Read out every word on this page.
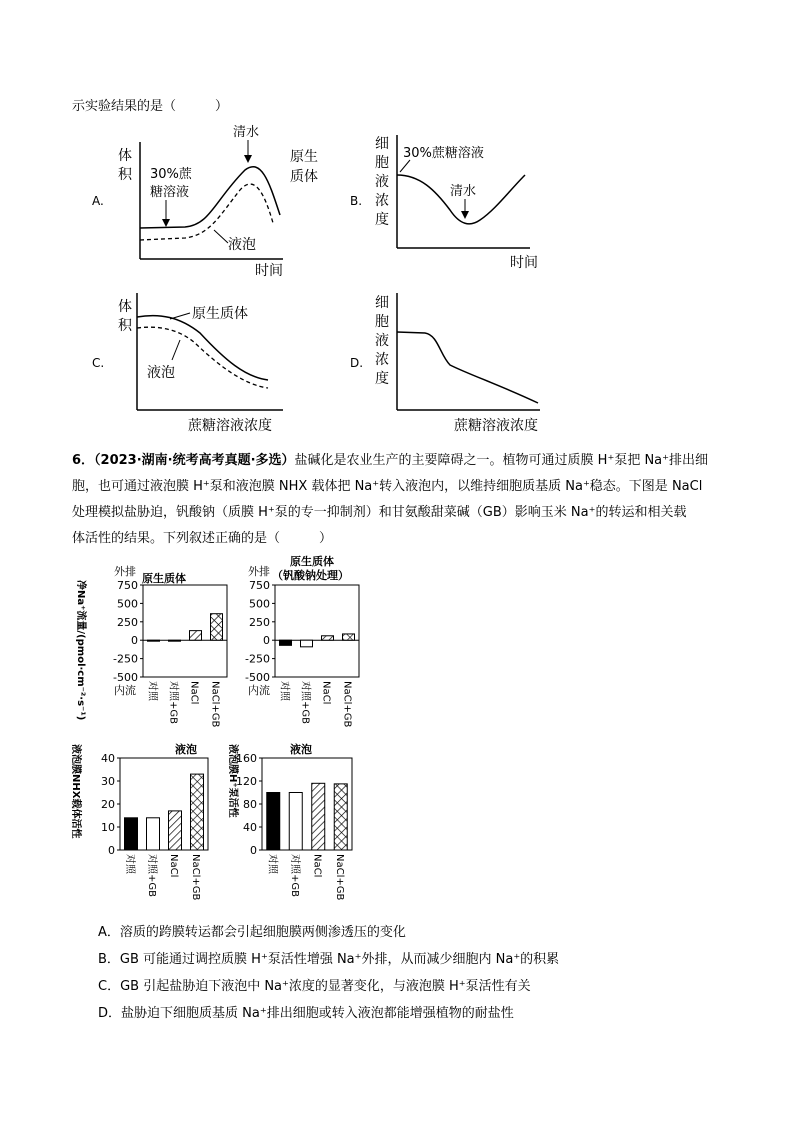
示实验结果的是（　　　）
A.
体
积
时间
30%蔗
糖溶液
清水
原生
质体
液泡
B.
细
胞
液
浓
度
时间
30%蔗糖溶液
清水
C.
体
积
蔗糖溶液浓度
原生质体
液泡
D.
细
胞
液
浓
度
蔗糖溶液浓度
6．（2023·湖南·统考高考真题·多选）盐碱化是农业生产的主要障碍之一。植物可通过质膜 H⁺泵把 Na⁺排出细
胞，也可通过液泡膜 H⁺泵和液泡膜 NHX 载体把 Na⁺转入液泡内，以维持细胞质基质 Na⁺稳态。下图是 NaCl
处理模拟盐胁迫，钒酸钠（质膜 H⁺泵的专一抑制剂）和甘氨酸甜菜碱（GB）影响玉米 Na⁺的转运和相关载
体活性的结果。下列叙述正确的是（　　　）
原生质体
外排
内流
净Na⁺流量/(pmol·cm⁻²·s⁻¹)	750
500
250
0
-250
-500
对照 对照+GB NaCl NaCl+GB
原生质体
（钒酸钠处理）
外排
内流
750
500
250
0
-250
-500
对照 对照+GB NaCl NaCl+GB
液泡
液泡膜NHX载体活性 40
30
20
10
0
对照 对照+GB NaCl NaCl+GB
液泡
液泡膜H⁺泵活性
160
120
80
40
0
对照 对照+GB NaCl NaCl+GB
A．溶质的跨膜转运都会引起细胞膜两侧渗透压的变化
B．GB 可能通过调控质膜 H⁺泵活性增强 Na⁺外排，从而减少细胞内 Na⁺的积累
C．GB 引起盐胁迫下液泡中 Na⁺浓度的显著变化，与液泡膜 H⁺泵活性有关
D．盐胁迫下细胞质基质 Na⁺排出细胞或转入液泡都能增强植物的耐盐性
